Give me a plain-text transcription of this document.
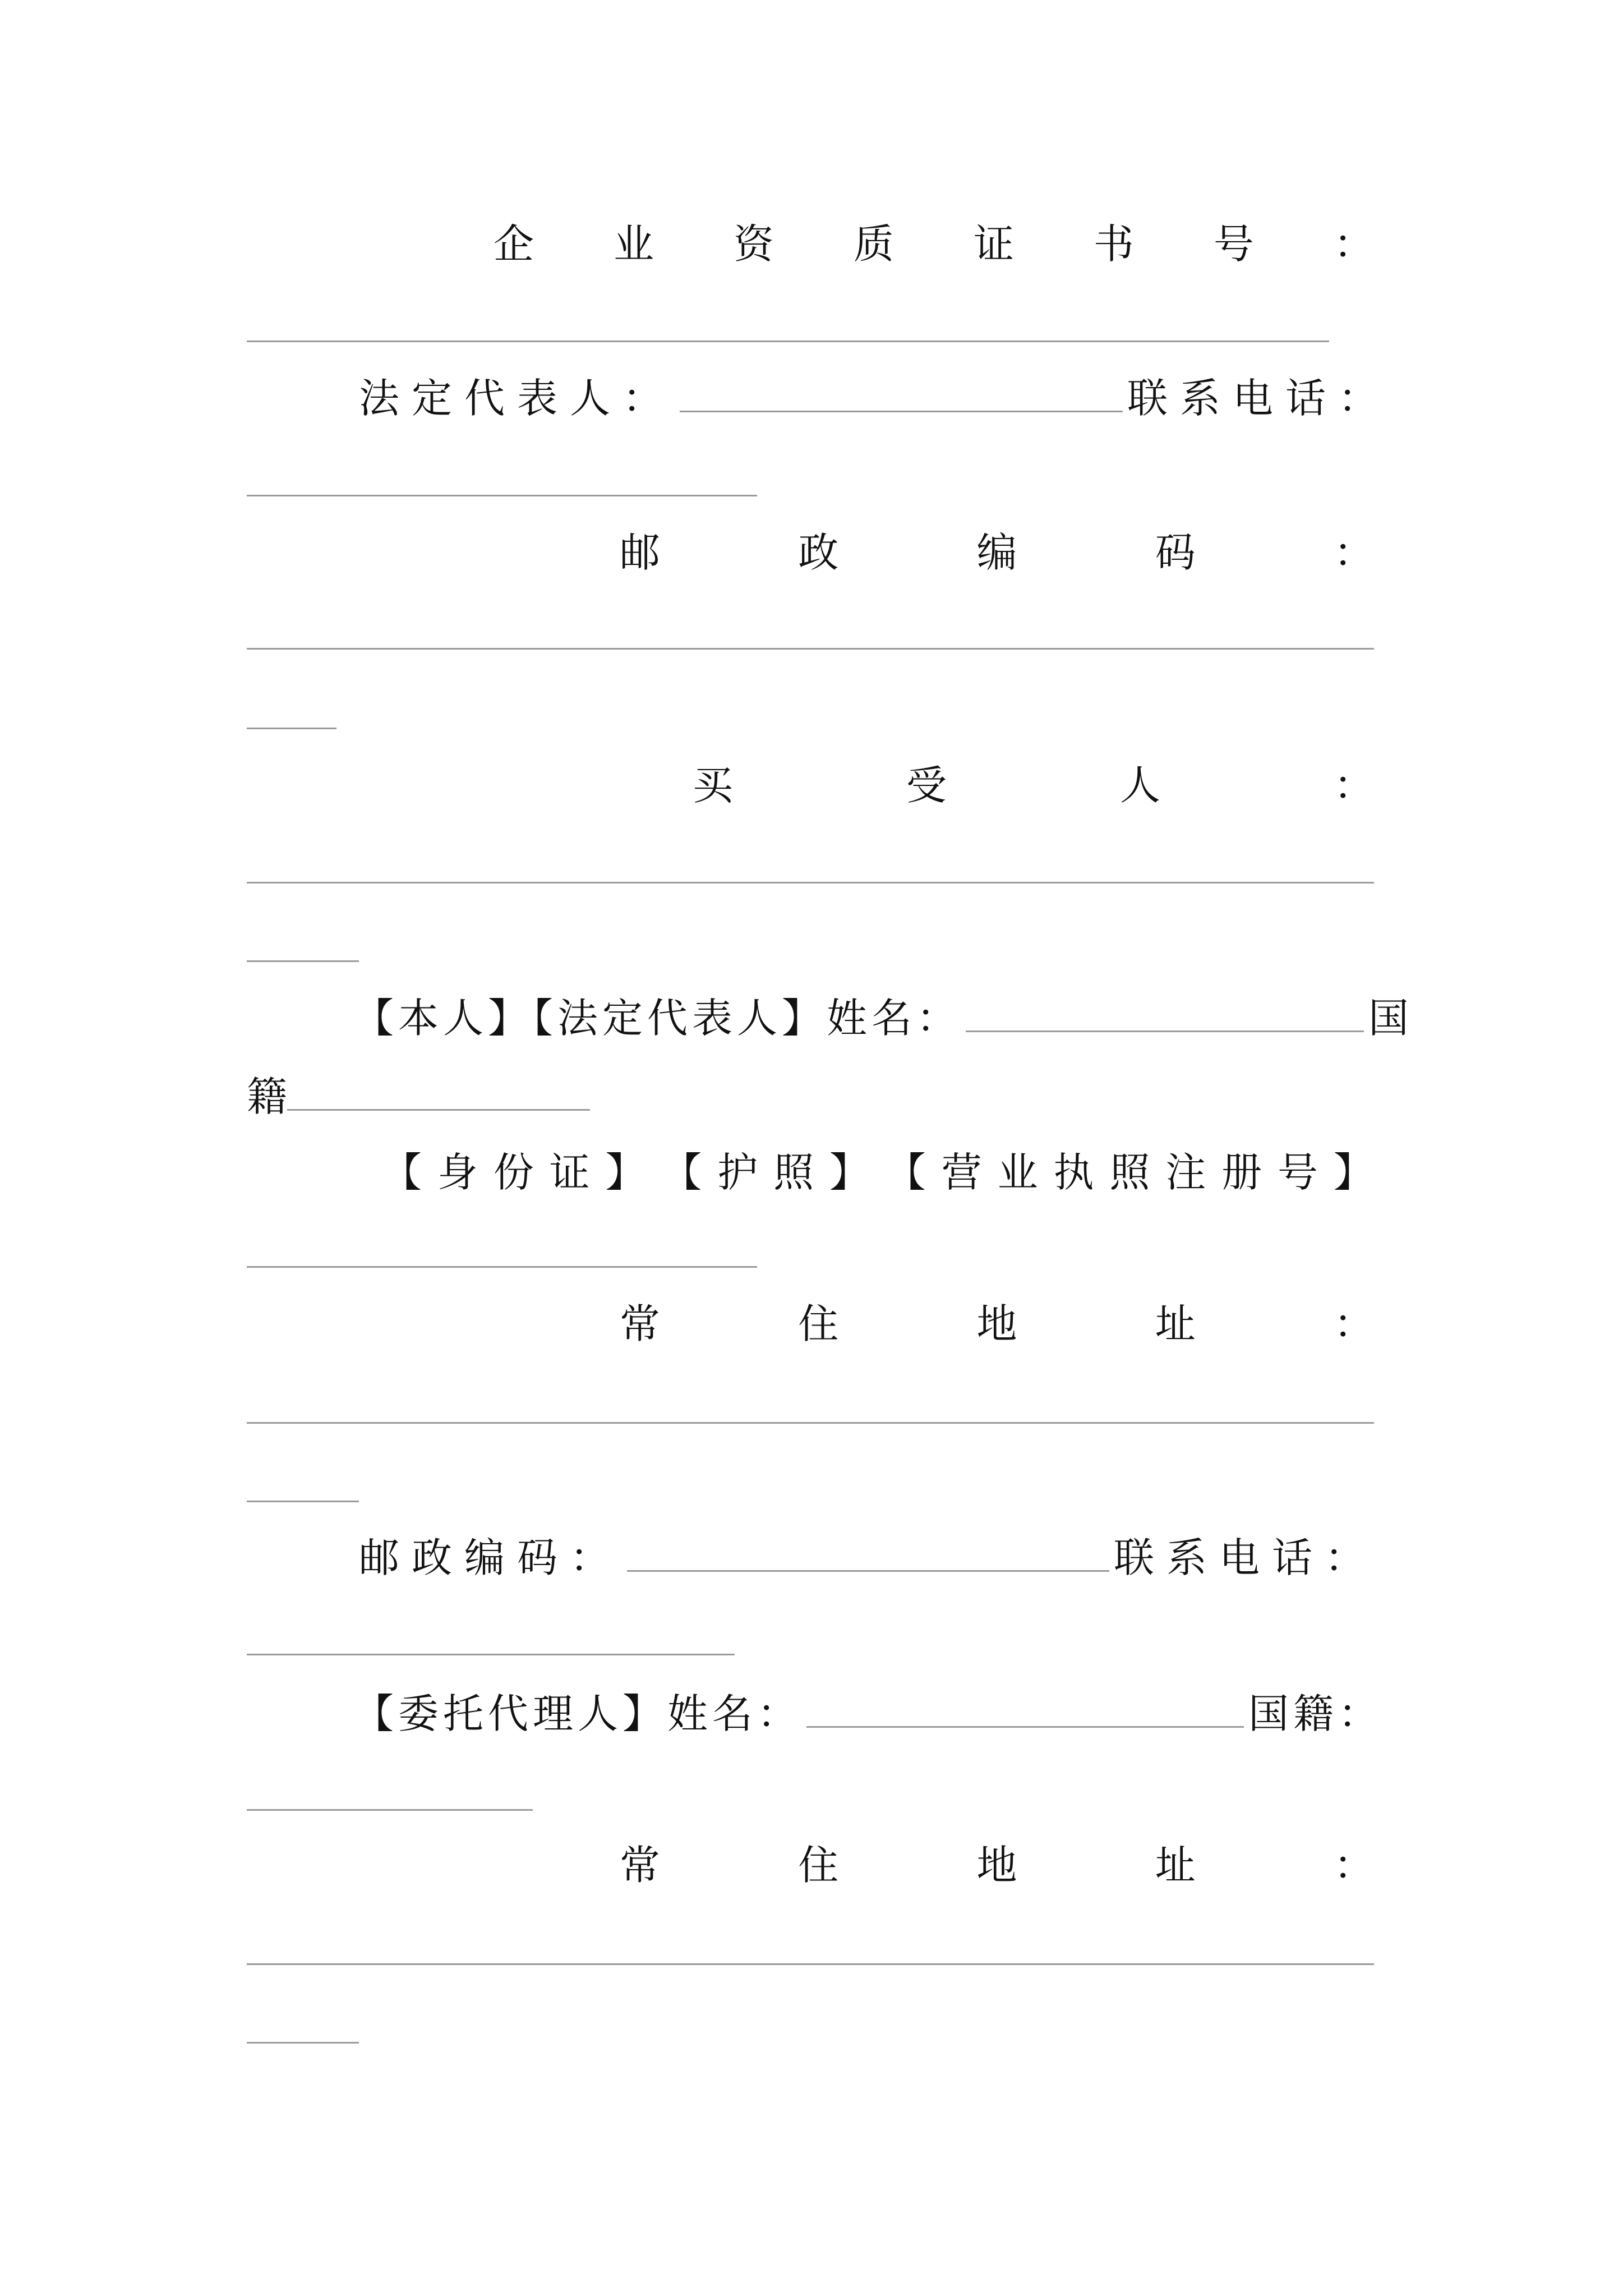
企 业 资 质 证 书 号 ：
法定代表人：	联系电话：
邮	政	编	码	：
买	受	人	：
【本人】【法定代表人】姓名：	国
籍
【 身 份 证 】 【 护 照 】 【 营 业 执 照 注 册 号 】
常	住	地	址	：
邮政编码：	联系电话：
【委托代理人】姓名：	国籍：
常	住	地	址	：
